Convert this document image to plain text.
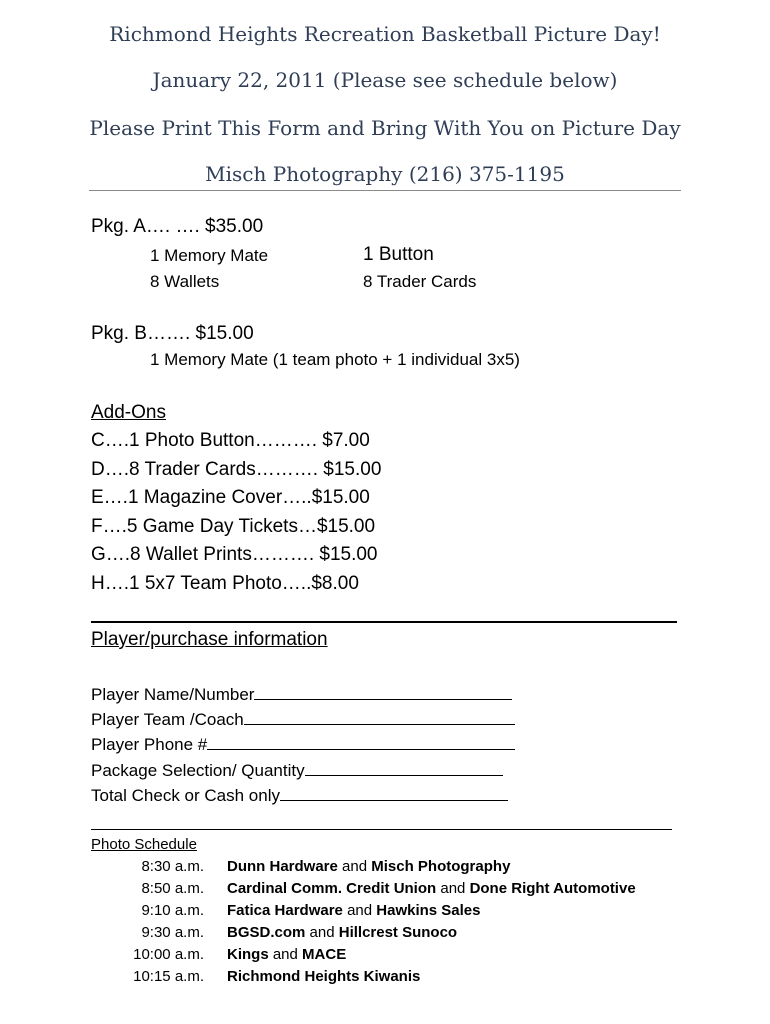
Richmond Heights Recreation Basketball Picture Day!
January 22, 2011 (Please see schedule below)
Please Print This Form and Bring With You on Picture Day
Misch Photography (216) 375-1195
Pkg. A…. …. $35.00
1 Memory Mate
8 Wallets
1 Button
8 Trader Cards
Pkg. B……. $15.00
1 Memory Mate (1 team photo + 1 individual 3x5)
Add-Ons
C….1 Photo Button………. $7.00
D….8 Trader Cards………. $15.00
E….1 Magazine Cover…..$15.00
F….5 Game Day Tickets…$15.00
G….8 Wallet Prints………. $15.00
H….1 5x7 Team Photo…..$8.00
Player/purchase information
Player Name/Number
Player Team /Coach
Player Phone #
Package Selection/ Quantity
Total Check or Cash only
Photo Schedule
8:30 a.m. Dunn Hardware and Misch Photography
8:50 a.m. Cardinal Comm. Credit Union and Done Right Automotive
9:10 a.m. Fatica Hardware and Hawkins Sales
9:30 a.m. BGSD.com and Hillcrest Sunoco
10:00 a.m. Kings and MACE
10:15 a.m. Richmond Heights Kiwanis
